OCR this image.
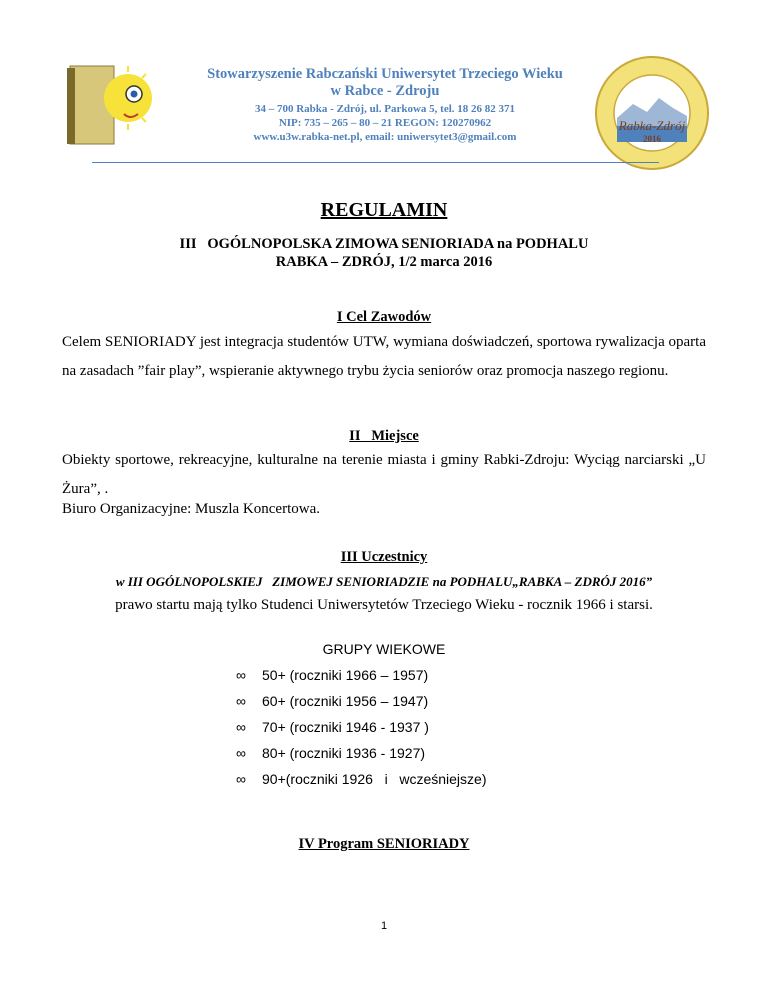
Stowarzyszenie Rabczański Uniwersytet Trzeciego Wieku
w Rabce - Zdroju
34 – 700 Rabka - Zdrój, ul. Parkowa 5, tel. 18 26 82 371
NIP: 735 – 265 – 80 – 21 REGON: 120270962
www.u3w.rabka-net.pl, email: uniwersytet3@gmail.com
Rabka-Zdrój
2016
REGULAMIN
III   OGÓLNOPOLSKA ZIMOWA SENIORIADA na PODHALU
RABKA – ZDRÓJ, 1/2 marca 2016
I Cel Zawodów
Celem SENIORIADY jest integracja studentów UTW, wymiana doświadczeń, sportowa rywalizacja oparta na zasadach ”fair play”, wspieranie aktywnego trybu życia seniorów oraz promocja naszego regionu.
II   Miejsce
Obiekty sportowe, rekreacyjne, kulturalne na terenie miasta i gminy Rabki-Zdroju: Wyciąg narciarski „U Żura”, .
Biuro Organizacyjne: Muszla Koncertowa.
III Uczestnicy
w III OGÓLNOPOLSKIEJ   ZIMOWEJ SENIORIADZIE na PODHALU„RABKA – ZDRÓJ 2016”
prawo startu mają tylko Studenci Uniwersytetów Trzeciego Wieku - rocznik 1966 i starsi.
GRUPY WIEKOWE
∞ 50+ (roczniki 1966 – 1957)
∞ 60+ (roczniki 1956 – 1947)
∞ 70+ (roczniki 1946 - 1937 )
∞ 80+ (roczniki 1936 - 1927)
∞ 90+(roczniki 1926   i   wcześniejsze)
IV Program SENIORIADY
1
